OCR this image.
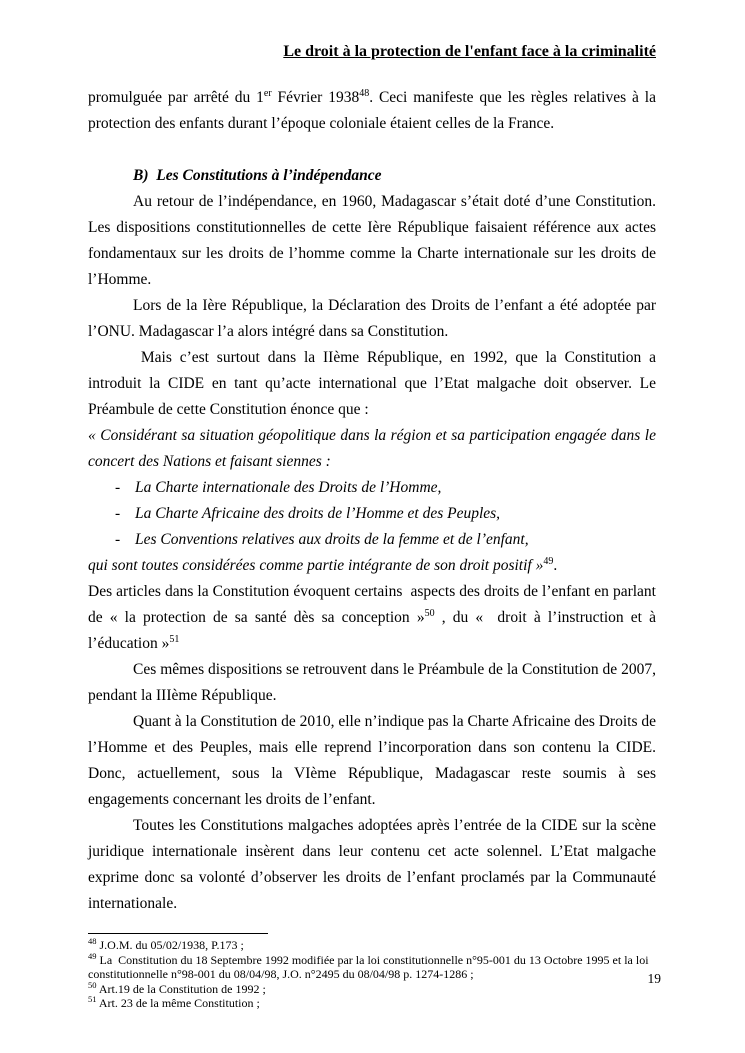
Le droit à la protection de l'enfant face à la criminalité

promulguée par arrêté du 1er Février 1938$^{48}$. Ceci manifeste que les règles relatives à la protection des enfants durant l’époque coloniale étaient celles de la France.

B)  Les Constitutions à l’indépendance

Au retour de l’indépendance, en 1960, Madagascar s’était doté d’une Constitution. Les dispositions constitutionnelles de cette Ière République faisaient référence aux actes fondamentaux sur les droits de l’homme comme la Charte internationale sur les droits de l’Homme.

Lors de la Ière République, la Déclaration des Droits de l’enfant a été adoptée par l’ONU. Madagascar l’a alors intégré dans sa Constitution.

Mais c’est surtout dans la IIème République, en 1992, que la Constitution a introduit la CIDE en tant qu’acte international que l’Etat malgache doit observer. Le Préambule de cette Constitution énonce que :

« Considérant sa situation géopolitique dans la région et sa participation engagée dans le concert des Nations et faisant siennes :

- La Charte internationale des Droits de l’Homme,
- La Charte Africaine des droits de l’Homme et des Peuples,
- Les Conventions relatives aux droits de la femme et de l’enfant,

qui sont toutes considérées comme partie intégrante de son droit positif »$^{49}$.

Des articles dans la Constitution évoquent certains  aspects des droits de l’enfant en parlant de « la protection de sa santé dès sa conception »$^{50}$ , du «  droit à l’instruction et à l’éducation »$^{51}$

Ces mêmes dispositions se retrouvent dans le Préambule de la Constitution de 2007, pendant la IIIème République.

Quant à la Constitution de 2010, elle n’indique pas la Charte Africaine des Droits de l’Homme et des Peuples, mais elle reprend l’incorporation dans son contenu la CIDE. Donc, actuellement, sous la VIème République, Madagascar reste soumis à ses engagements concernant les droits de l’enfant.

Toutes les Constitutions malgaches adoptées après l’entrée de la CIDE sur la scène juridique internationale insèrent dans leur contenu cet acte solennel. L’Etat malgache exprime donc sa volonté d’observer les droits de l’enfant proclamés par la Communauté internationale.

$^{48}$ J.O.M. du 05/02/1938, P.173 ;
$^{49}$ La  Constitution du 18 Septembre 1992 modifiée par la loi constitutionnelle n°95-001 du 13 Octobre 1995 et la loi constitutionnelle n°98-001 du 08/04/98, J.O. n°2495 du 08/04/98 p. 1274-1286 ;
$^{50}$ Art.19 de la Constitution de 1992 ;
$^{51}$ Art. 23 de la même Constitution ;
19
